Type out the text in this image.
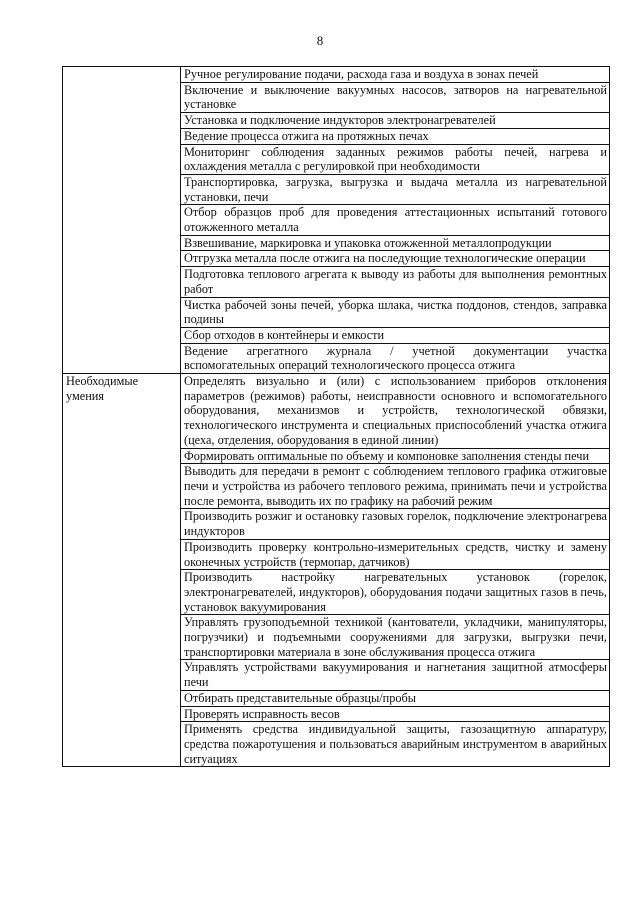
8
	Ручное регулирование подачи, расхода газа и воздуха в зонах печей
	Включение и выключение вакуумных насосов, затворов на нагревательной установке
	Установка и подключение индукторов электронагревателей
	Ведение процесса отжига на протяжных печах
	Мониторинг соблюдения заданных режимов работы печей, нагрева и охлаждения металла с регулировкой при необходимости
	Транспортировка, загрузка, выгрузка и выдача металла из нагревательной установки, печи
	Отбор образцов проб для проведения аттестационных испытаний готового отожженного металла
	Взвешивание, маркировка и упаковка отожженной металлопродукции
	Отгрузка металла после отжига на последующие технологические операции
	Подготовка теплового агрегата к выводу из работы для выполнения ремонтных работ
	Чистка рабочей зоны печей, уборка шлака, чистка поддонов, стендов, заправка подины
	Сбор отходов в контейнеры и емкости
	Ведение агрегатного журнала / учетной документации участка вспомогательных операций технологического процесса отжига
Необходимые умения	Определять визуально и (или) с использованием приборов отклонения параметров (режимов) работы, неисправности основного и вспомогательного оборудования, механизмов и устройств, технологической обвязки, технологического инструмента и специальных приспособлений участка отжига (цеха, отделения, оборудования в единой линии)
	Формировать оптимальные по объему и компоновке заполнения стенды печи
	Выводить для передачи в ремонт с соблюдением теплового графика отжиговые печи и устройства из рабочего теплового режима, принимать печи и устройства после ремонта, выводить их по графику на рабочий режим
	Производить розжиг и остановку газовых горелок, подключение электронагрева индукторов
	Производить проверку контрольно-измерительных средств, чистку и замену оконечных устройств (термопар, датчиков)
	Производить настройку нагревательных установок (горелок, электронагревателей, индукторов), оборудования подачи защитных газов в печь, установок вакуумирования
	Управлять грузоподъемной техникой (кантователи, укладчики, манипуляторы, погрузчики) и подъемными сооружениями для загрузки, выгрузки печи, транспортировки материала в зоне обслуживания процесса отжига
	Управлять устройствами вакуумирования и нагнетания защитной атмосферы печи
	Отбирать представительные образцы/пробы
	Проверять исправность весов
	Применять средства индивидуальной защиты, газозащитную аппаратуру, средства пожаротушения и пользоваться аварийным инструментом в аварийных ситуациях
